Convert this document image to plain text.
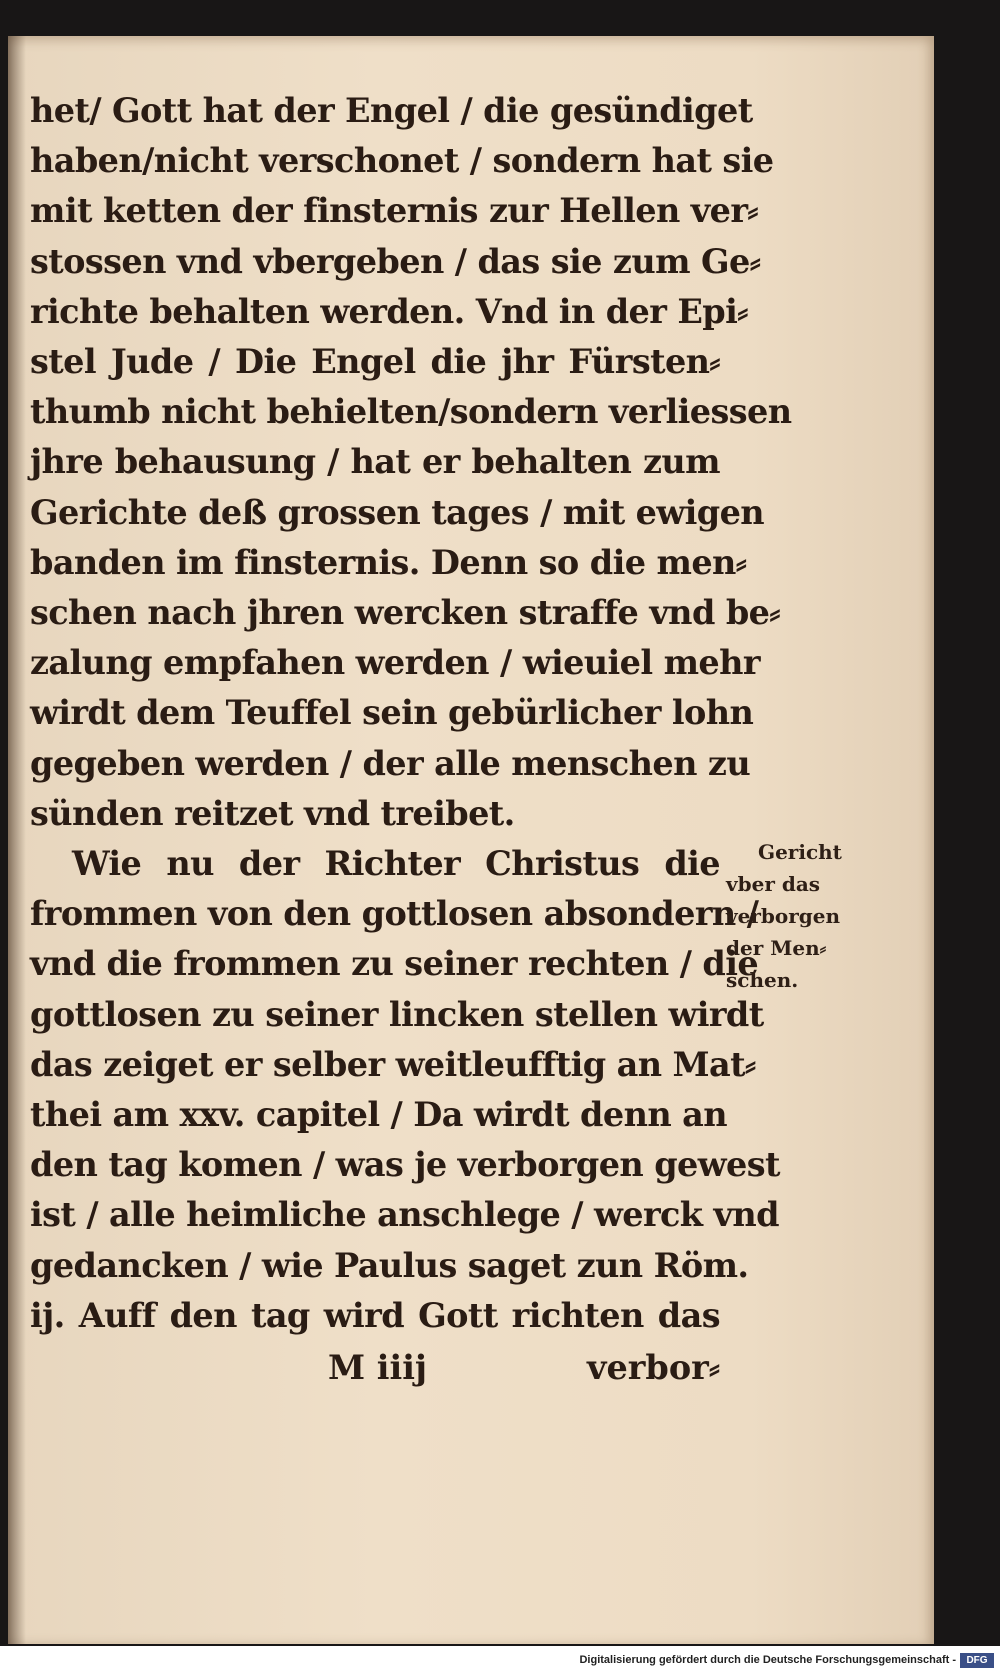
het/ Gott hat der Engel / die gesündiget
haben/nicht verschonet / sondern hat sie
mit ketten der finsternis zur Hellen ver⸗
stossen vnd vbergeben / das sie zum Ge⸗
richte behalten werden. Vnd in der Epi⸗
stel Jude / Die Engel die jhr Fürsten⸗
thumb nicht behielten/sondern verliessen
jhre behausung / hat er behalten zum
Gerichte deß grossen tages / mit ewigen
banden im finsternis. Denn so die men⸗
schen nach jhren wercken straffe vnd be⸗
zalung empfahen werden / wieuiel mehr
wirdt dem Teuffel sein gebürlicher lohn
gegeben werden / der alle menschen zu
sünden reitzet vnd treibet.
Wie nu der Richter Christus die
frommen von den gottlosen absondern /
vnd die frommen zu seiner rechten / die
gottlosen zu seiner lincken stellen wirdt
das zeiget er selber weitleufftig an Mat⸗
thei am xxv. capitel / Da wirdt denn an
den tag komen / was je verborgen gewest
ist / alle heimliche anschlege / werck vnd
gedancken / wie Paulus saget zun Röm.
ij. Auff den tag wird Gott richten das
M iiij	verbor⸗
Gericht
vber das
verborgen
der Men⸗
schen.
Digitalisierung gefördert durch die Deutsche Forschungsgemeinschaft -	DFG
